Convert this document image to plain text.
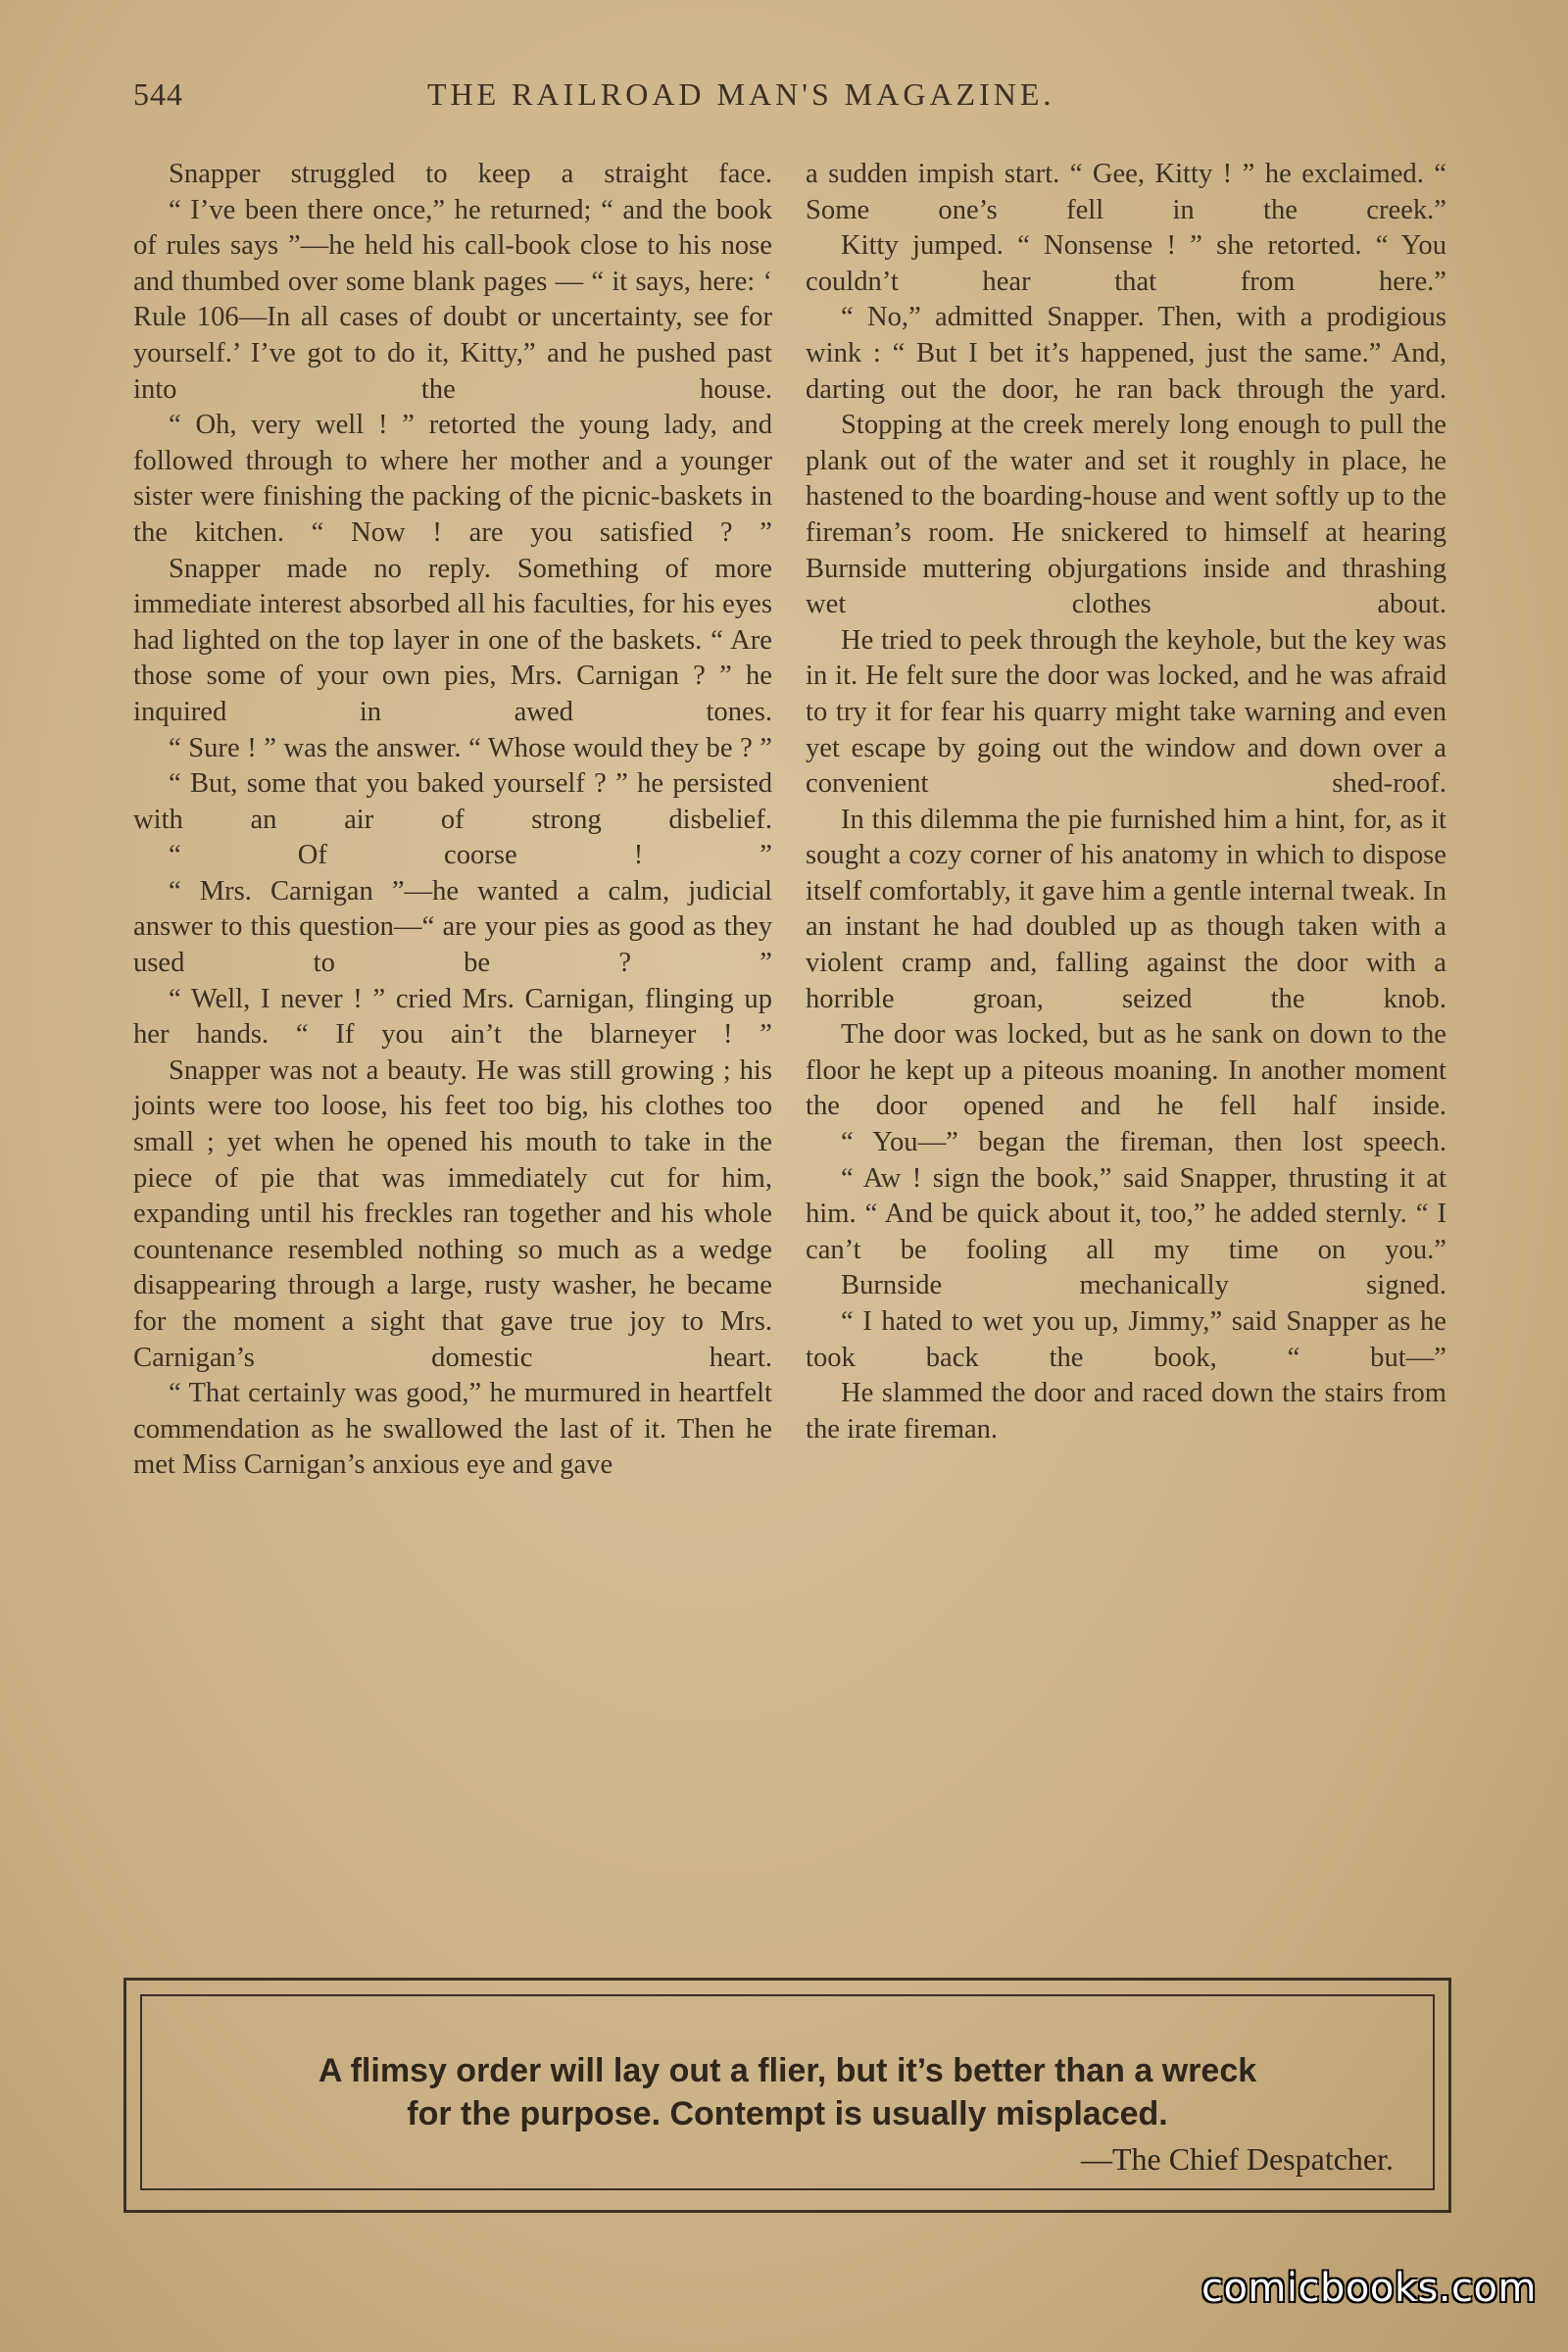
544	THE RAILROAD MAN'S MAGAZINE.

Snapper struggled to keep a straight face.

“ I’ve been there once,” he returned; “ and the book of rules says ”—he held his call-book close to his nose and thumbed over some blank pages — “ it says, here: ‘ Rule 106—In all cases of doubt or uncertainty, see for yourself.’ I’ve got to do it, Kitty,” and he pushed past into the house.

“ Oh, very well ! ” retorted the young lady, and followed through to where her mother and a younger sister were finishing the packing of the picnic-baskets in the kitchen. “ Now ! are you satisfied ? ”

Snapper made no reply. Something of more immediate interest absorbed all his faculties, for his eyes had lighted on the top layer in one of the baskets. “ Are those some of your own pies, Mrs. Carnigan ? ” he inquired in awed tones.

“ Sure ! ” was the answer. “ Whose would they be ? ”

“ But, some that you baked yourself ? ” he persisted with an air of strong disbelief.

“ Of coorse ! ”

“ Mrs. Carnigan ”—he wanted a calm, judicial answer to this question—“ are your pies as good as they used to be ? ”

“ Well, I never ! ” cried Mrs. Carnigan, flinging up her hands. “ If you ain’t the blarneyer ! ”

Snapper was not a beauty. He was still growing ; his joints were too loose, his feet too big, his clothes too small ; yet when he opened his mouth to take in the piece of pie that was immediately cut for him, expanding until his freckles ran together and his whole countenance resembled nothing so much as a wedge disappearing through a large, rusty washer, he became for the moment a sight that gave true joy to Mrs. Carnigan’s domestic heart.

“ That certainly was good,” he murmured in heartfelt commendation as he swallowed the last of it. Then he met Miss Carnigan’s anxious eye and gave

a sudden impish start. “ Gee, Kitty ! ” he exclaimed. “ Some one’s fell in the creek.”

Kitty jumped. “ Nonsense ! ” she retorted. “ You couldn’t hear that from here.”

“ No,” admitted Snapper. Then, with a prodigious wink : “ But I bet it’s happened, just the same.” And, darting out the door, he ran back through the yard.

Stopping at the creek merely long enough to pull the plank out of the water and set it roughly in place, he hastened to the boarding-house and went softly up to the fireman’s room. He snickered to himself at hearing Burnside muttering objurgations inside and thrashing wet clothes about.

He tried to peek through the keyhole, but the key was in it. He felt sure the door was locked, and he was afraid to try it for fear his quarry might take warning and even yet escape by going out the window and down over a convenient shed-roof.

In this dilemma the pie furnished him a hint, for, as it sought a cozy corner of his anatomy in which to dispose itself comfortably, it gave him a gentle internal tweak. In an instant he had doubled up as though taken with a violent cramp and, falling against the door with a horrible groan, seized the knob.

The door was locked, but as he sank on down to the floor he kept up a piteous moaning. In another moment the door opened and he fell half inside.

“ You—” began the fireman, then lost speech.

“ Aw ! sign the book,” said Snapper, thrusting it at him. “ And be quick about it, too,” he added sternly. “ I can’t be fooling all my time on you.”

Burnside mechanically signed.

“ I hated to wet you up, Jimmy,” said Snapper as he took back the book, “ but—”

He slammed the door and raced down the stairs from the irate fireman.

A flimsy order will lay out a flier, but it’s better than a wreck
for the purpose. Contempt is usually misplaced.
—The Chief Despatcher.
comicbooks.com
